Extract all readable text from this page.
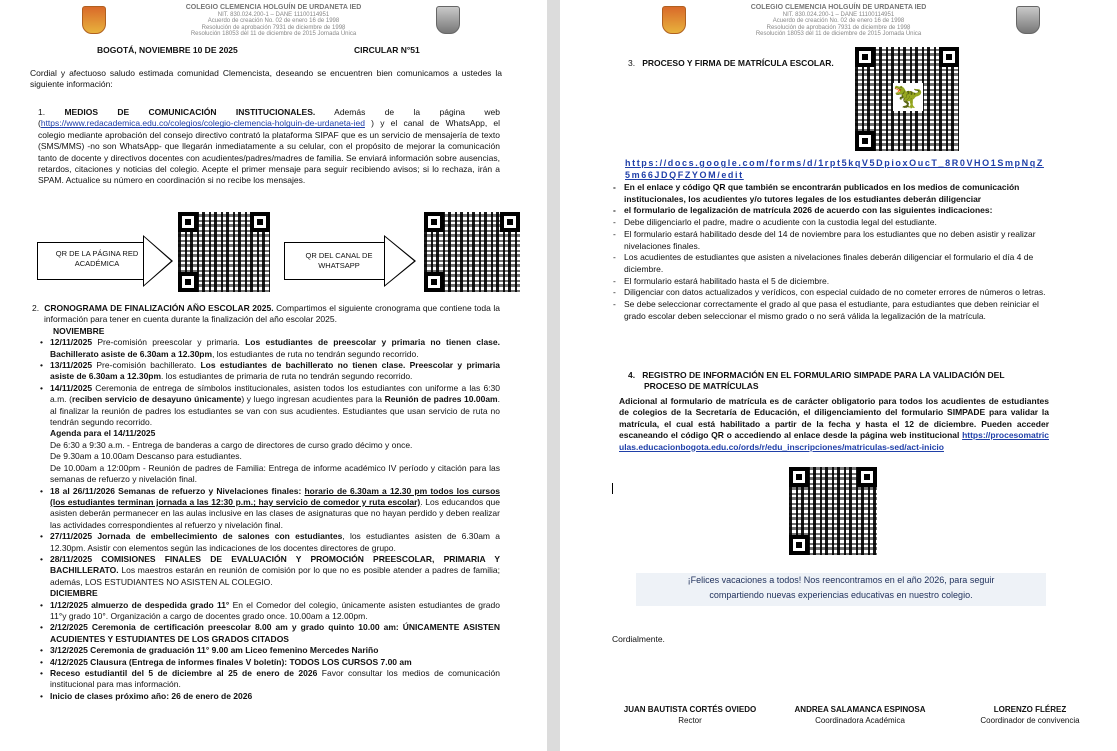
COLEGIO CLEMENCIA HOLGUÍN DE URDANETA IED
NIT. 830.024.200-1 – DANE 11100114951
Acuerdo de creación No. 02 de enero 16 de 1998
Resolución de aprobación 7931 de diciembre de 1998
Resolución 18053 del 11 de diciembre de 2015 Jornada Única
BOGOTÁ, NOVIEMBRE 10 DE 2025	CIRCULAR N°51
Cordial y afectuoso saludo estimada comunidad Clemencista, deseando se encuentren bien comunicamos a ustedes la siguiente información:
1. MEDIOS DE COMUNICACIÓN INSTITUCIONALES. Además de la página web (https://www.redacademica.edu.co/colegios/colegio-clemencia-holguin-de-urdaneta-ied ) y el canal de WhatsApp, el colegio mediante aprobación del consejo directivo contrató la plataforma SIPAF que es un servicio de mensajería de texto (SMS/MMS) -no son WhatsApp- que llegarán inmediatamente a su celular, con el propósito de mejorar la comunicación tanto de docente y directivos docentes con acudientes/padres/madres de familia. Se enviará información sobre ausencias, retardos, citaciones y noticias del colegio. Acepte el primer mensaje para seguir recibiendo avisos; si lo rechaza, irán a SPAM. Actualice su número en coordinación si no recibe los mensajes.
QR DE LA PÁGINA RED ACADÉMICA
QR DEL CANAL DE WHATSAPP
2. CRONOGRAMA DE FINALIZACIÓN AÑO ESCOLAR 2025. Compartimos el siguiente cronograma que contiene toda la información para tener en cuenta durante la finalización del año escolar 2025.
NOVIEMBRE
• 12/11/2025 Pre-comisión preescolar y primaria. Los estudiantes de preescolar y primaria no tienen clase. Bachillerato asiste de 6.30am a 12.30pm, los estudiantes de ruta no tendrán segundo recorrido.
• 13/11/2025 Pre-comisión bachillerato. Los estudiantes de bachillerato no tienen clase. Preescolar y primaria asiste de 6.30am a 12.30pm. los estudiantes de primaria de ruta no tendrán segundo recorrido.
• 14/11/2025 Ceremonia de entrega de símbolos institucionales, asisten todos los estudiantes con uniforme a las 6:30 a.m. (reciben servicio de desayuno únicamente) y luego ingresan acudientes para la Reunión de padres 10.00am. al finalizar la reunión de padres los estudiantes se van con sus acudientes. Estudiantes que usan servicio de ruta no tendrán segundo recorrido.
Agenda para el 14/11/2025
De 6:30 a 9:30 a.m. - Entrega de banderas a cargo de directores de curso grado décimo y once.
De 9.30am a 10.00am Descanso para estudiantes.
De 10.00am a 12:00pm - Reunión de padres de Familia: Entrega de informe académico IV período y citación para las semanas de refuerzo y nivelación final.
• 18 al 26/11/2026 Semanas de refuerzo y Nivelaciones finales: horario de 6.30am a 12.30 pm todos los cursos (los estudiantes terminan jornada a las 12:30 p.m.; hay servicio de comedor y ruta escolar). Los educandos que asisten deberán permanecer en las aulas inclusive en las clases de asignaturas que no hayan perdido y deben realizar las actividades correspondientes al refuerzo y nivelación final.
• 27/11/2025 Jornada de embellecimiento de salones con estudiantes, los estudiantes asisten de 6.30am a 12.30pm. Asistir con elementos según las indicaciones de los docentes directores de grupo.
• 28/11/2025 COMISIONES FINALES DE EVALUACIÓN Y PROMOCIÓN PREESCOLAR, PRIMARIA Y BACHILLERATO. Los maestros estarán en reunión de comisión por lo que no es posible atender a padres de familia; además, LOS ESTUDIANTES NO ASISTEN AL COLEGIO.
DICIEMBRE
• 1/12/2025 almuerzo de despedida grado 11° En el Comedor del colegio, únicamente asisten estudiantes de grado 11°y grado 10°. Organización a cargo de docentes grado once. 10.00am a 12.00pm.
• 2/12/2025 Ceremonia de certificación preescolar 8.00 am y grado quinto 10.00 am: ÚNICAMENTE ASISTEN ACUDIENTES Y ESTUDIANTES DE LOS GRADOS CITADOS
• 3/12/2025 Ceremonia de graduación 11° 9.00 am Liceo femenino Mercedes Nariño
• 4/12/2025 Clausura (Entrega de informes finales V boletín): TODOS LOS CURSOS 7.00 am
• Receso estudiantil del 5 de diciembre al 25 de enero de 2026 Favor consultar los medios de comunicación institucional para mas información.
• Inicio de clases próximo año: 26 de enero de 2026
COLEGIO CLEMENCIA HOLGUÍN DE URDANETA IED
NIT. 830.024.200-1 – DANE 11100114951
Acuerdo de creación No. 02 de enero 16 de 1998
Resolución de aprobación 7931 de diciembre de 1998
Resolución 18053 del 11 de diciembre de 2015 Jornada Única
3. PROCESO Y FIRMA DE MATRÍCULA ESCOLAR.
🦖
https://docs.google.com/forms/d/1rpt5kqV5DpioxOucT_8R0VHO1SmpNqZ5m66JDQFZYOM/edit
- En el enlace y código QR que también se encontrarán publicados en los medios de comunicación institucionales, los acudientes y/o tutores legales de los estudiantes deberán diligenciar
- el formulario de legalización de matrícula 2026 de acuerdo con las siguientes indicaciones:
- Debe diligenciarlo el padre, madre o acudiente con la custodia legal del estudiante.
- El formulario estará habilitado desde del 14 de noviembre para los estudiantes que no deben asistir y realizar nivelaciones finales.
- Los acudientes de estudiantes que asisten a nivelaciones finales deberán diligenciar el formulario el día 4 de diciembre.
- El formulario estará habilitado hasta el 5 de diciembre.
- Diligenciar con datos actualizados y verídicos, con especial cuidado de no cometer errores de números o letras.
- Se debe seleccionar correctamente el grado al que pasa el estudiante, para estudiantes que deben reiniciar el grado escolar deben seleccionar el mismo grado o no será válida la legalización de la matrícula.
4. REGISTRO DE INFORMACIÓN EN EL FORMULARIO SIMPADE PARA LA VALIDACIÓN DEL PROCESO DE MATRÍCULAS
Adicional al formulario de matrícula es de carácter obligatorio para todos los acudientes de estudiantes de colegios de la Secretaría de Educación, el diligenciamiento del formulario SIMPADE para validar la matrícula, el cual está habilitado a partir de la fecha y hasta el 12 de diciembre. Pueden acceder escaneando el código QR o accediendo al enlace desde la página web institucional https://procesomatriculas.educacionbogota.edu.co/ords/r/edu_inscripciones/matriculas-sed/act-inicio
¡Felices vacaciones a todos! Nos reencontramos en el año 2026, para seguir
compartiendo nuevas experiencias educativas en nuestro colegio.
Cordialmente.
JUAN BAUTISTA CORTÉS OVIEDO
Rector
ANDREA SALAMANCA ESPINOSA
Coordinadora Académica
LORENZO FLÉREZ
Coordinador de convivencia
